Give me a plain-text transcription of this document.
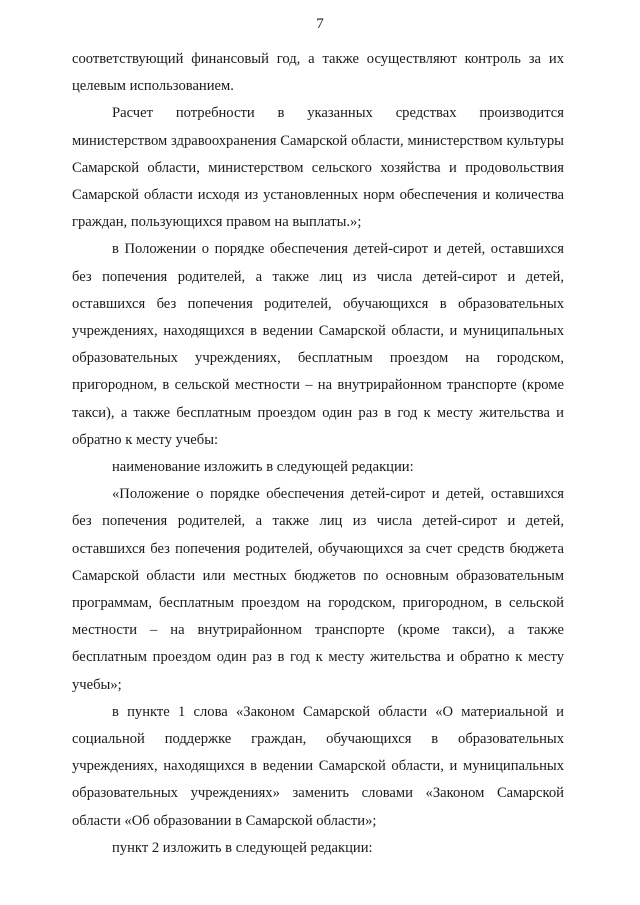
7

соответствующий финансовый год, а также осуществляют контроль за их целевым использованием.

Расчет потребности в указанных средствах производится министерством здравоохранения Самарской области, министерством культуры Самарской области, министерством сельского хозяйства и продовольствия Самарской области исходя из установленных норм обеспечения и количества граждан, пользующихся правом на выплаты.»;

в Положении о порядке обеспечения детей-сирот и детей, оставшихся без попечения родителей, а также лиц из числа детей-сирот и детей, оставшихся без попечения родителей, обучающихся в образовательных учреждениях, находящихся в ведении Самарской области, и муниципальных образовательных учреждениях, бесплатным проездом на городском, пригородном, в сельской местности – на внутрирайонном транспорте (кроме такси), а также бесплатным проездом один раз в год к месту жительства и обратно к месту учебы:

наименование изложить в следующей редакции:

«Положение о порядке обеспечения детей-сирот и детей, оставшихся без попечения родителей, а также лиц из числа детей-сирот и детей, оставшихся без попечения родителей, обучающихся за счет средств бюджета Самарской области или местных бюджетов по основным образовательным программам, бесплатным проездом на городском, пригородном, в сельской местности – на внутрирайонном транспорте (кроме такси), а также бесплатным проездом один раз в год к месту жительства и обратно к месту учебы»;

в пункте 1 слова «Законом Самарской области «О материальной и социальной поддержке граждан, обучающихся в образовательных учреждениях, находящихся в ведении Самарской области, и муниципальных образовательных учреждениях» заменить словами «Законом Самарской области «Об образовании в Самарской области»;

пункт 2 изложить в следующей редакции:
